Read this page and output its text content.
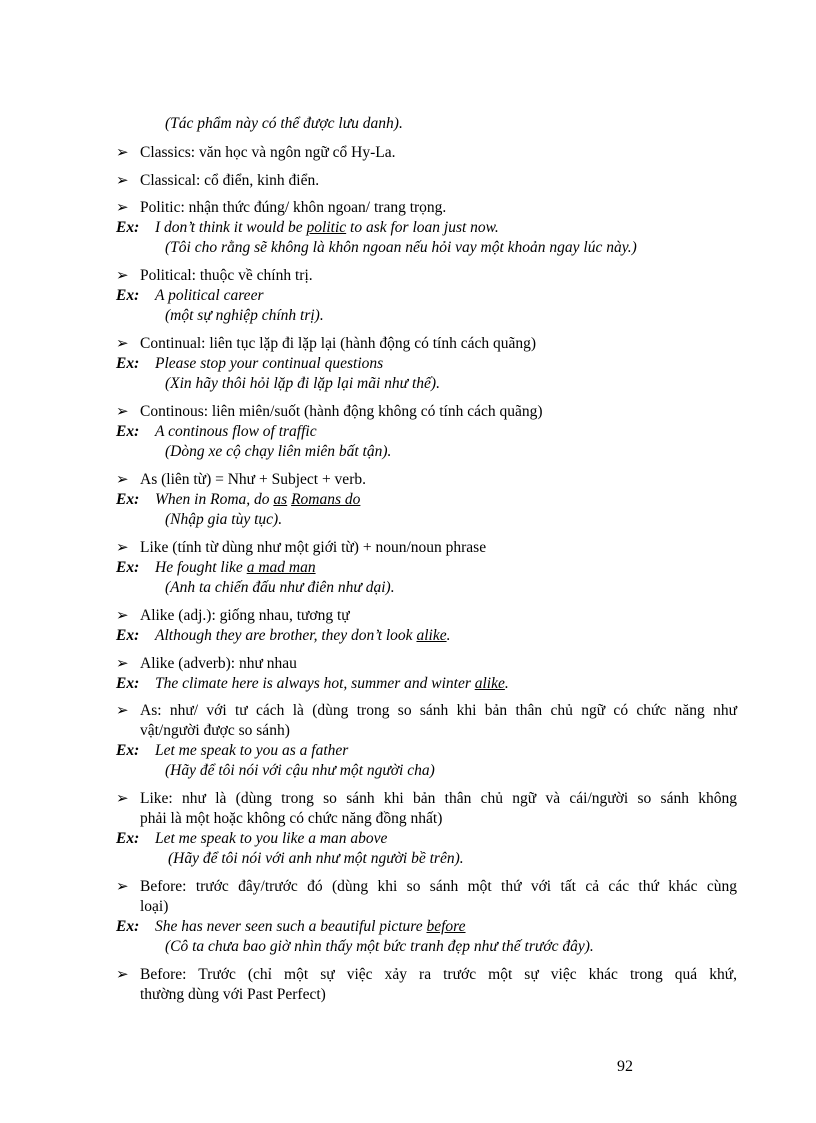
(Tác phẩm này có thể được lưu danh).
➢ Classics: văn học và ngôn ngữ cổ Hy-La.
➢ Classical: cổ điển, kinh điển.
➢ Politic: nhận thức đúng/ khôn ngoan/ trang trọng.
Ex: I don’t think it would be politic to ask for loan just now.
(Tôi cho rằng sẽ không là khôn ngoan nếu hỏi vay một khoản ngay lúc này.)
➢ Political: thuộc về chính trị.
Ex: A political career
(một sự nghiệp chính trị).
➢ Continual: liên tục lặp đi lặp lại (hành động có tính cách quãng)
Ex: Please stop your continual questions
(Xin hãy thôi hỏi lặp đi lặp lại mãi như thế).
➢ Continous: liên miên/suốt (hành động không có tính cách quãng)
Ex: A continous flow of traffic
(Dòng xe cộ chạy liên miên bất tận).
➢ As (liên từ) = Như + Subject + verb.
Ex: When in Roma, do as Romans do
(Nhập gia tùy tục).
➢ Like (tính từ dùng như một giới từ) + noun/noun phrase
Ex: He fought like a mad man
(Anh ta chiến đấu như điên như dại).
➢ Alike (adj.): giống nhau, tương tự
Ex: Although they are brother, they don’t look alike.
➢ Alike (adverb): như nhau
Ex: The climate here is always hot, summer and winter alike.
➢ As: như/ với tư cách là (dùng trong so sánh khi bản thân chủ ngữ có chức năng như
vật/người được so sánh)
Ex: Let me speak to you as a father
(Hãy để tôi nói với cậu như một người cha)
➢ Like: như là (dùng trong so sánh khi bản thân chủ ngữ và cái/người so sánh không
phải là một hoặc không có chức năng đồng nhất)
Ex: Let me speak to you like a man above
(Hãy để tôi nói với anh như một người bề trên).
➢ Before: trước đây/trước đó (dùng khi so sánh một thứ với tất cả các thứ khác cùng
loại)
Ex: She has never seen such a beautiful picture before
(Cô ta chưa bao giờ nhìn thấy một bức tranh đẹp như thế trước đây).
➢ Before: Trước (chỉ một sự việc xảy ra trước một sự việc khác trong quá khứ,
thường dùng với Past Perfect)
92
